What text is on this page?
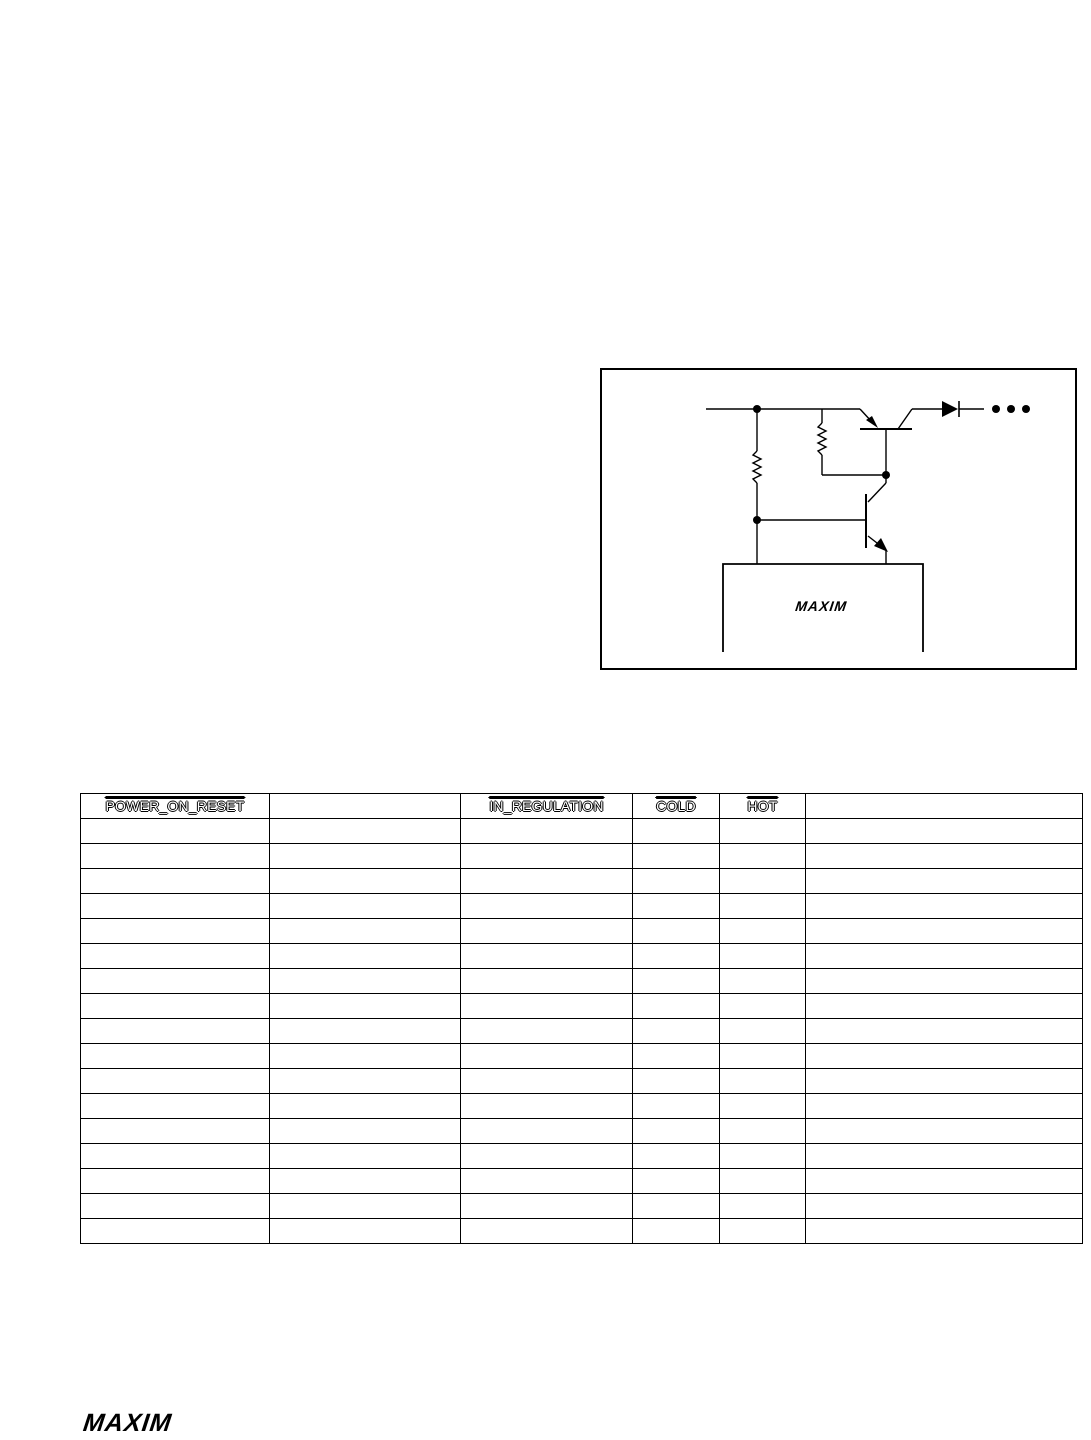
MAXIM
POWER_ON_RESET		IN_REGULATION	COLD	$\overline{HOT}$	

MAXIM
